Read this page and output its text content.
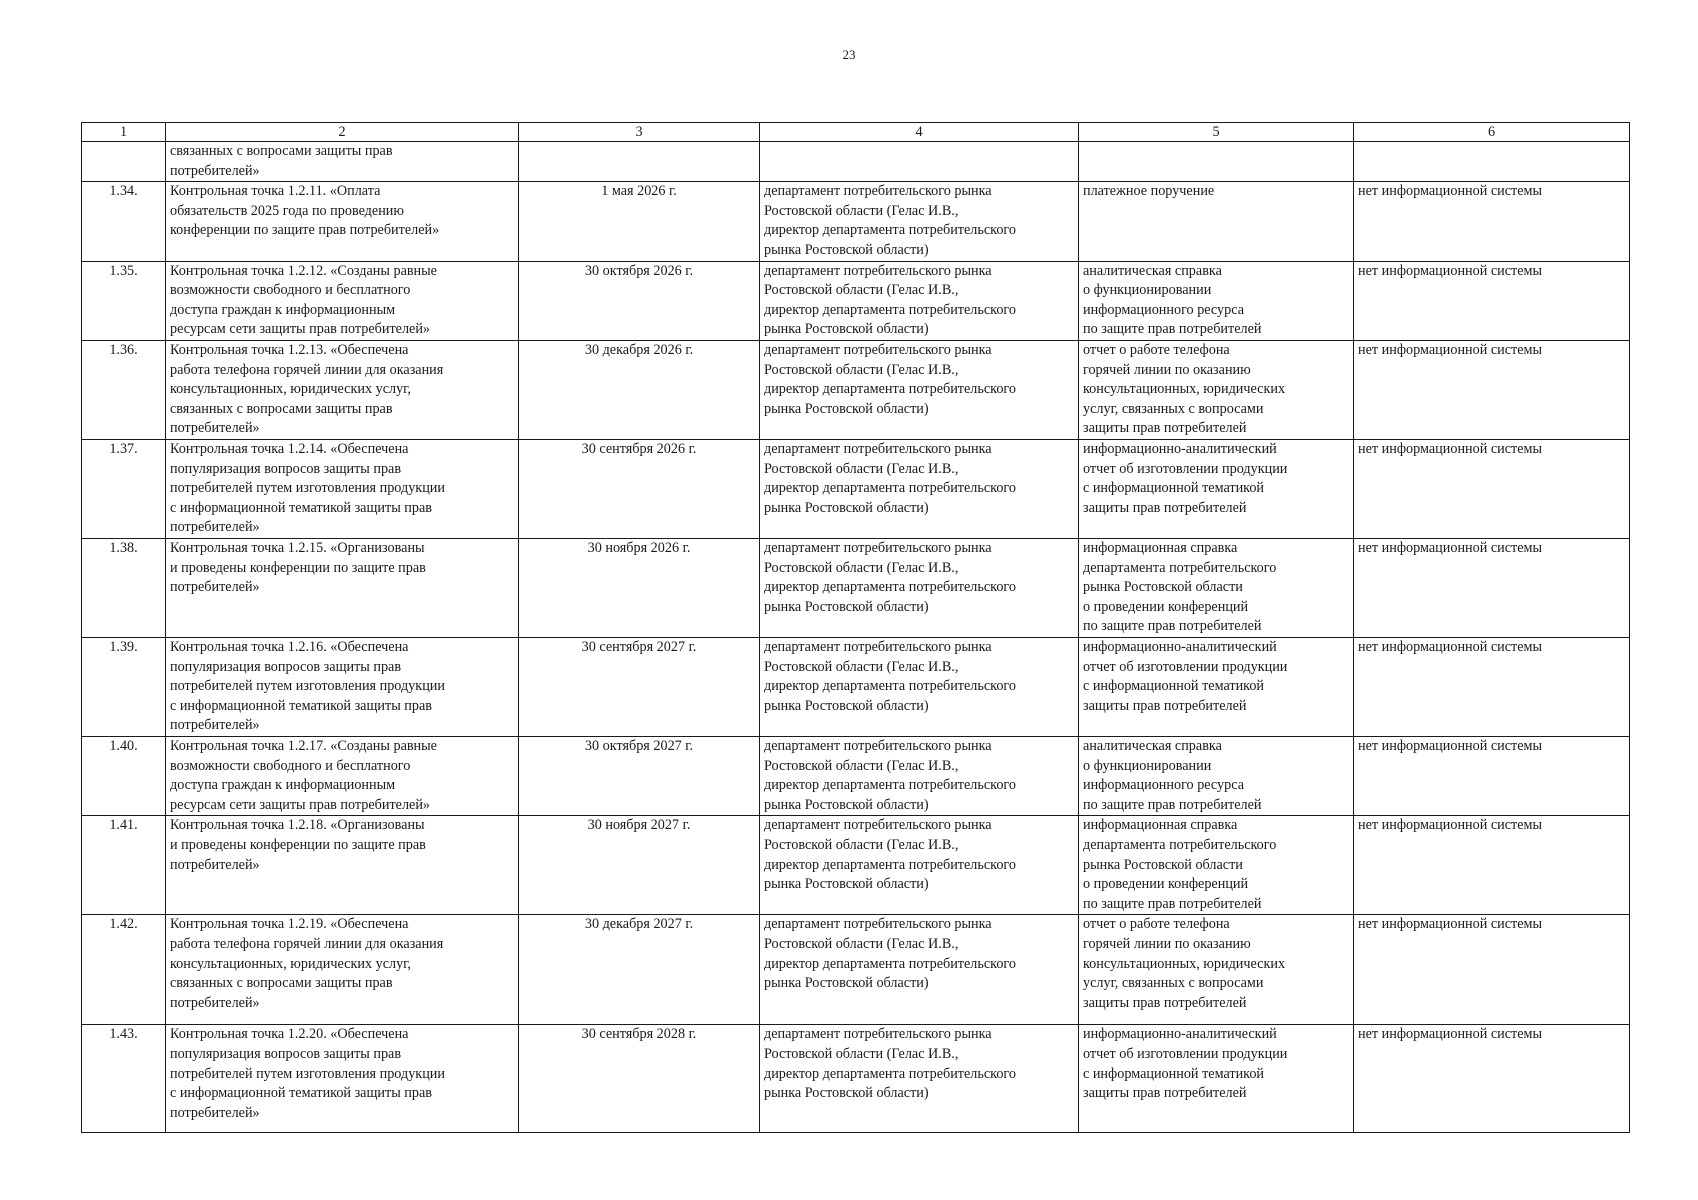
23
1	2	3	4	5	6
	связанных с вопросами защиты прав
потребителей»				
1.34.	Контрольная точка 1.2.11. «Оплата
обязательств 2025 года по проведению
конференции по защите прав потребителей»	1 мая 2026 г.	департамент потребительского рынка
Ростовской области (Гелас И.В.,
директор департамента потребительского
рынка Ростовской области)	платежное поручение	нет информационной системы
1.35.	Контрольная точка 1.2.12. «Созданы равные
возможности свободного и бесплатного
доступа граждан к информационным
ресурсам сети защиты прав потребителей»	30 октября 2026 г.	департамент потребительского рынка
Ростовской области (Гелас И.В.,
директор департамента потребительского
рынка Ростовской области)	аналитическая справка
о функционировании
информационного ресурса
по защите прав потребителей	нет информационной системы
1.36.	Контрольная точка 1.2.13. «Обеспечена
работа телефона горячей линии для оказания
консультационных, юридических услуг,
связанных с вопросами защиты прав
потребителей»	30 декабря 2026 г.	департамент потребительского рынка
Ростовской области (Гелас И.В.,
директор департамента потребительского
рынка Ростовской области)	отчет о работе телефона
горячей линии по оказанию
консультационных, юридических
услуг, связанных с вопросами
защиты прав потребителей	нет информационной системы
1.37.	Контрольная точка 1.2.14. «Обеспечена
популяризация вопросов защиты прав
потребителей путем изготовления продукции
с информационной тематикой защиты прав
потребителей»	30 сентября 2026 г.	департамент потребительского рынка
Ростовской области (Гелас И.В.,
директор департамента потребительского
рынка Ростовской области)	информационно-аналитический
отчет об изготовлении продукции
с информационной тематикой
защиты прав потребителей	нет информационной системы
1.38.	Контрольная точка 1.2.15. «Организованы
и проведены конференции по защите прав
потребителей»	30 ноября 2026 г.	департамент потребительского рынка
Ростовской области (Гелас И.В.,
директор департамента потребительского
рынка Ростовской области)	информационная справка
департамента потребительского
рынка Ростовской области
о проведении конференций
по защите прав потребителей	нет информационной системы
1.39.	Контрольная точка 1.2.16. «Обеспечена
популяризация вопросов защиты прав
потребителей путем изготовления продукции
с информационной тематикой защиты прав
потребителей»	30 сентября 2027 г.	департамент потребительского рынка
Ростовской области (Гелас И.В.,
директор департамента потребительского
рынка Ростовской области)	информационно-аналитический
отчет об изготовлении продукции
с информационной тематикой
защиты прав потребителей	нет информационной системы
1.40.	Контрольная точка 1.2.17. «Созданы равные
возможности свободного и бесплатного
доступа граждан к информационным
ресурсам сети защиты прав потребителей»	30 октября 2027 г.	департамент потребительского рынка
Ростовской области (Гелас И.В.,
директор департамента потребительского
рынка Ростовской области)	аналитическая справка
о функционировании
информационного ресурса
по защите прав потребителей	нет информационной системы
1.41.	Контрольная точка 1.2.18. «Организованы
и проведены конференции по защите прав
потребителей»	30 ноября 2027 г.	департамент потребительского рынка
Ростовской области (Гелас И.В.,
директор департамента потребительского
рынка Ростовской области)	информационная справка
департамента потребительского
рынка Ростовской области
о проведении конференций
по защите прав потребителей	нет информационной системы
1.42.	Контрольная точка 1.2.19. «Обеспечена
работа телефона горячей линии для оказания
консультационных, юридических услуг,
связанных с вопросами защиты прав
потребителей»	30 декабря 2027 г.	департамент потребительского рынка
Ростовской области (Гелас И.В.,
директор департамента потребительского
рынка Ростовской области)	отчет о работе телефона
горячей линии по оказанию
консультационных, юридических
услуг, связанных с вопросами
защиты прав потребителей	нет информационной системы
1.43.	Контрольная точка 1.2.20. «Обеспечена
популяризация вопросов защиты прав
потребителей путем изготовления продукции
с информационной тематикой защиты прав
потребителей»	30 сентября 2028 г.	департамент потребительского рынка
Ростовской области (Гелас И.В.,
директор департамента потребительского
рынка Ростовской области)	информационно-аналитический
отчет об изготовлении продукции
с информационной тематикой
защиты прав потребителей	нет информационной системы
